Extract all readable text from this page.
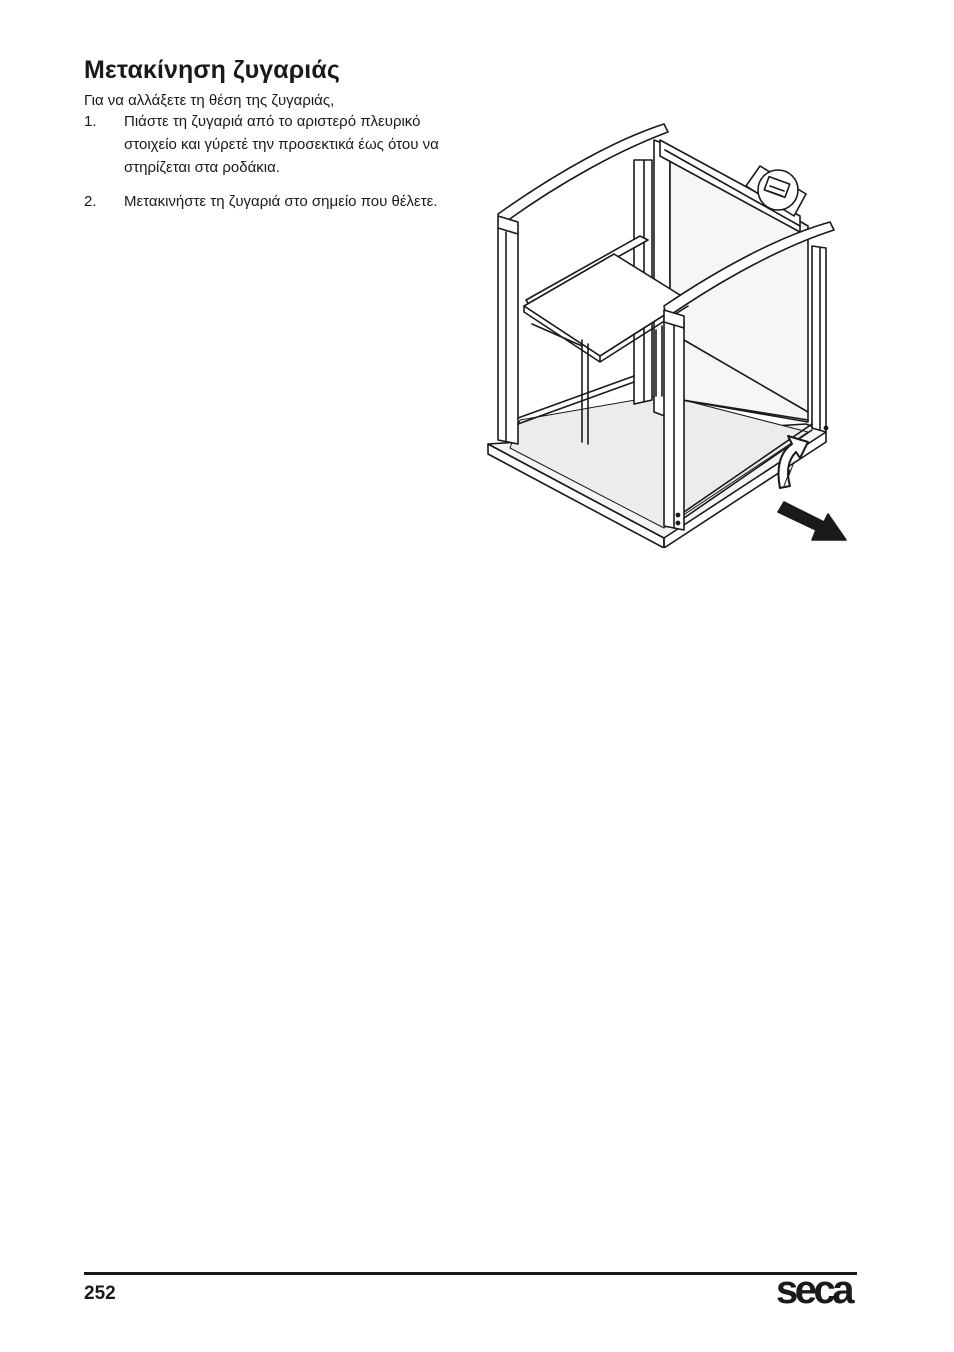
Μετακίνηση ζυγαριάς
Για να αλλάξετε τη θέση της ζυγαριάς,
1. Πιάστε τη ζυγαριά από το αριστερό πλευρικό στοιχείο και γύρετέ την προσεκτικά έως ότου να στηρίζεται στα ροδάκια.
2. Μετακινήστε τη ζυγαριά στο σημείο που θέλετε.
252	seca
